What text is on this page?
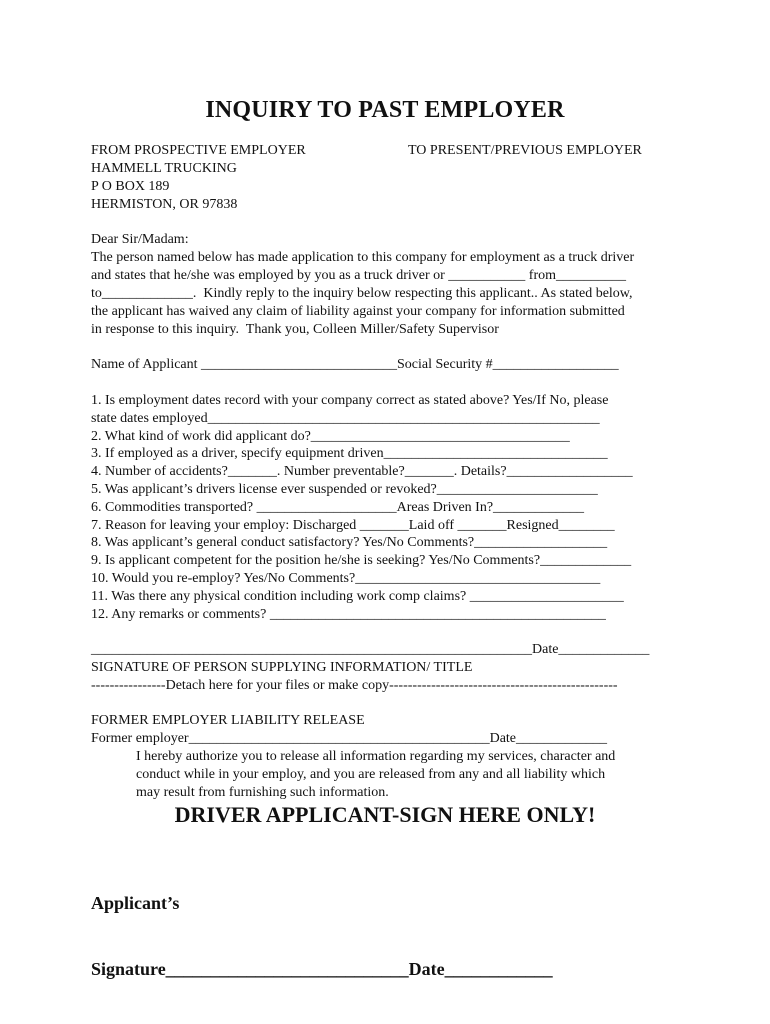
INQUIRY TO PAST EMPLOYER
FROM PROSPECTIVE EMPLOYER
HAMMELL TRUCKING
P O BOX 189
HERMISTON, OR 97838
TO PRESENT/PREVIOUS EMPLOYER
Dear Sir/Madam:
The person named below has made application to this company for employment as a truck driver
and states that he/she was employed by you as a truck driver or ___________ from__________
to_____________.  Kindly reply to the inquiry below respecting this applicant.. As stated below,
the applicant has waived any claim of liability against your company for information submitted
in response to this inquiry.  Thank you, Colleen Miller/Safety Supervisor
Name of Applicant ____________________________Social Security #__________________
1. Is employment dates record with your company correct as stated above? Yes/If No, please
state dates employed________________________________________________________
2. What kind of work did applicant do?_____________________________________
3. If employed as a driver, specify equipment driven________________________________
4. Number of accidents?_______. Number preventable?_______. Details?__________________
5. Was applicant’s drivers license ever suspended or revoked?_______________________
6. Commodities transported? ____________________Areas Driven In?_____________
7. Reason for leaving your employ: Discharged _______Laid off _______Resigned________
8. Was applicant’s general conduct satisfactory? Yes/No Comments?___________________
9. Is applicant competent for the position he/she is seeking? Yes/No Comments?_____________
10. Would you re-employ? Yes/No Comments?___________________________________
11. Was there any physical condition including work comp claims? ______________________
12. Any remarks or comments? ________________________________________________
_______________________________________________________________Date_____________
SIGNATURE OF PERSON SUPPLYING INFORMATION/ TITLE
----------------Detach here for your files or make copy-------------------------------------------------
FORMER EMPLOYER LIABILITY RELEASE
Former employer___________________________________________Date_____________
I hereby authorize you to release all information regarding my services, character and
conduct while in your employ, and you are released from any and all liability which
may result from furnishing such information.
DRIVER APPLICANT-SIGN HERE ONLY!

Applicant’s

Signature___________________________Date____________
